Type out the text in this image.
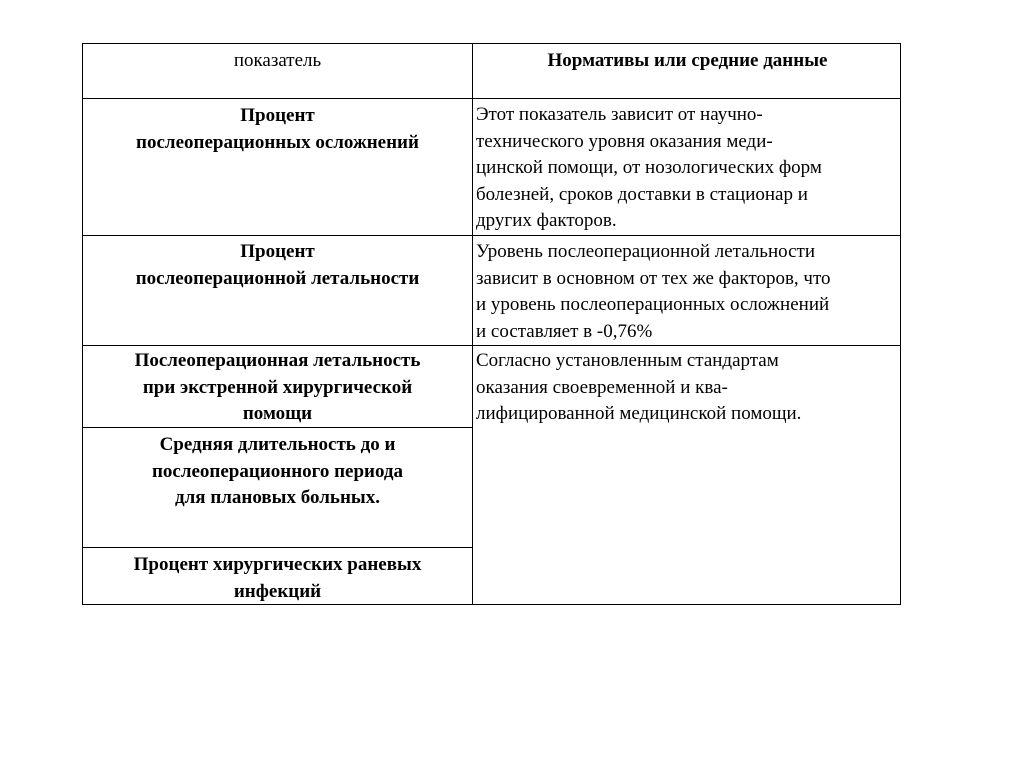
показатель	Нормативы или средние данные
Процент
послеоперационных осложнений
Этот показатель зависит от научно-
технического уровня оказания меди-
цинской помощи, от нозологических форм
болезней, сроков доставки в стационар и
других факторов.
Процент
послеоперационной летальности
Уровень послеоперационной летальности
зависит в основном от тех же факторов, что
и уровень послеоперационных осложнений
и составляет в -0,76%
Послеоперационная летальность
при экстренной хирургической
помощи
Согласно установленным стандартам
оказания своевременной и ква-
лифицированной медицинской помощи.
Средняя длительность до и
послеоперационного периода
для плановых больных.
Процент хирургических раневых
инфекций
